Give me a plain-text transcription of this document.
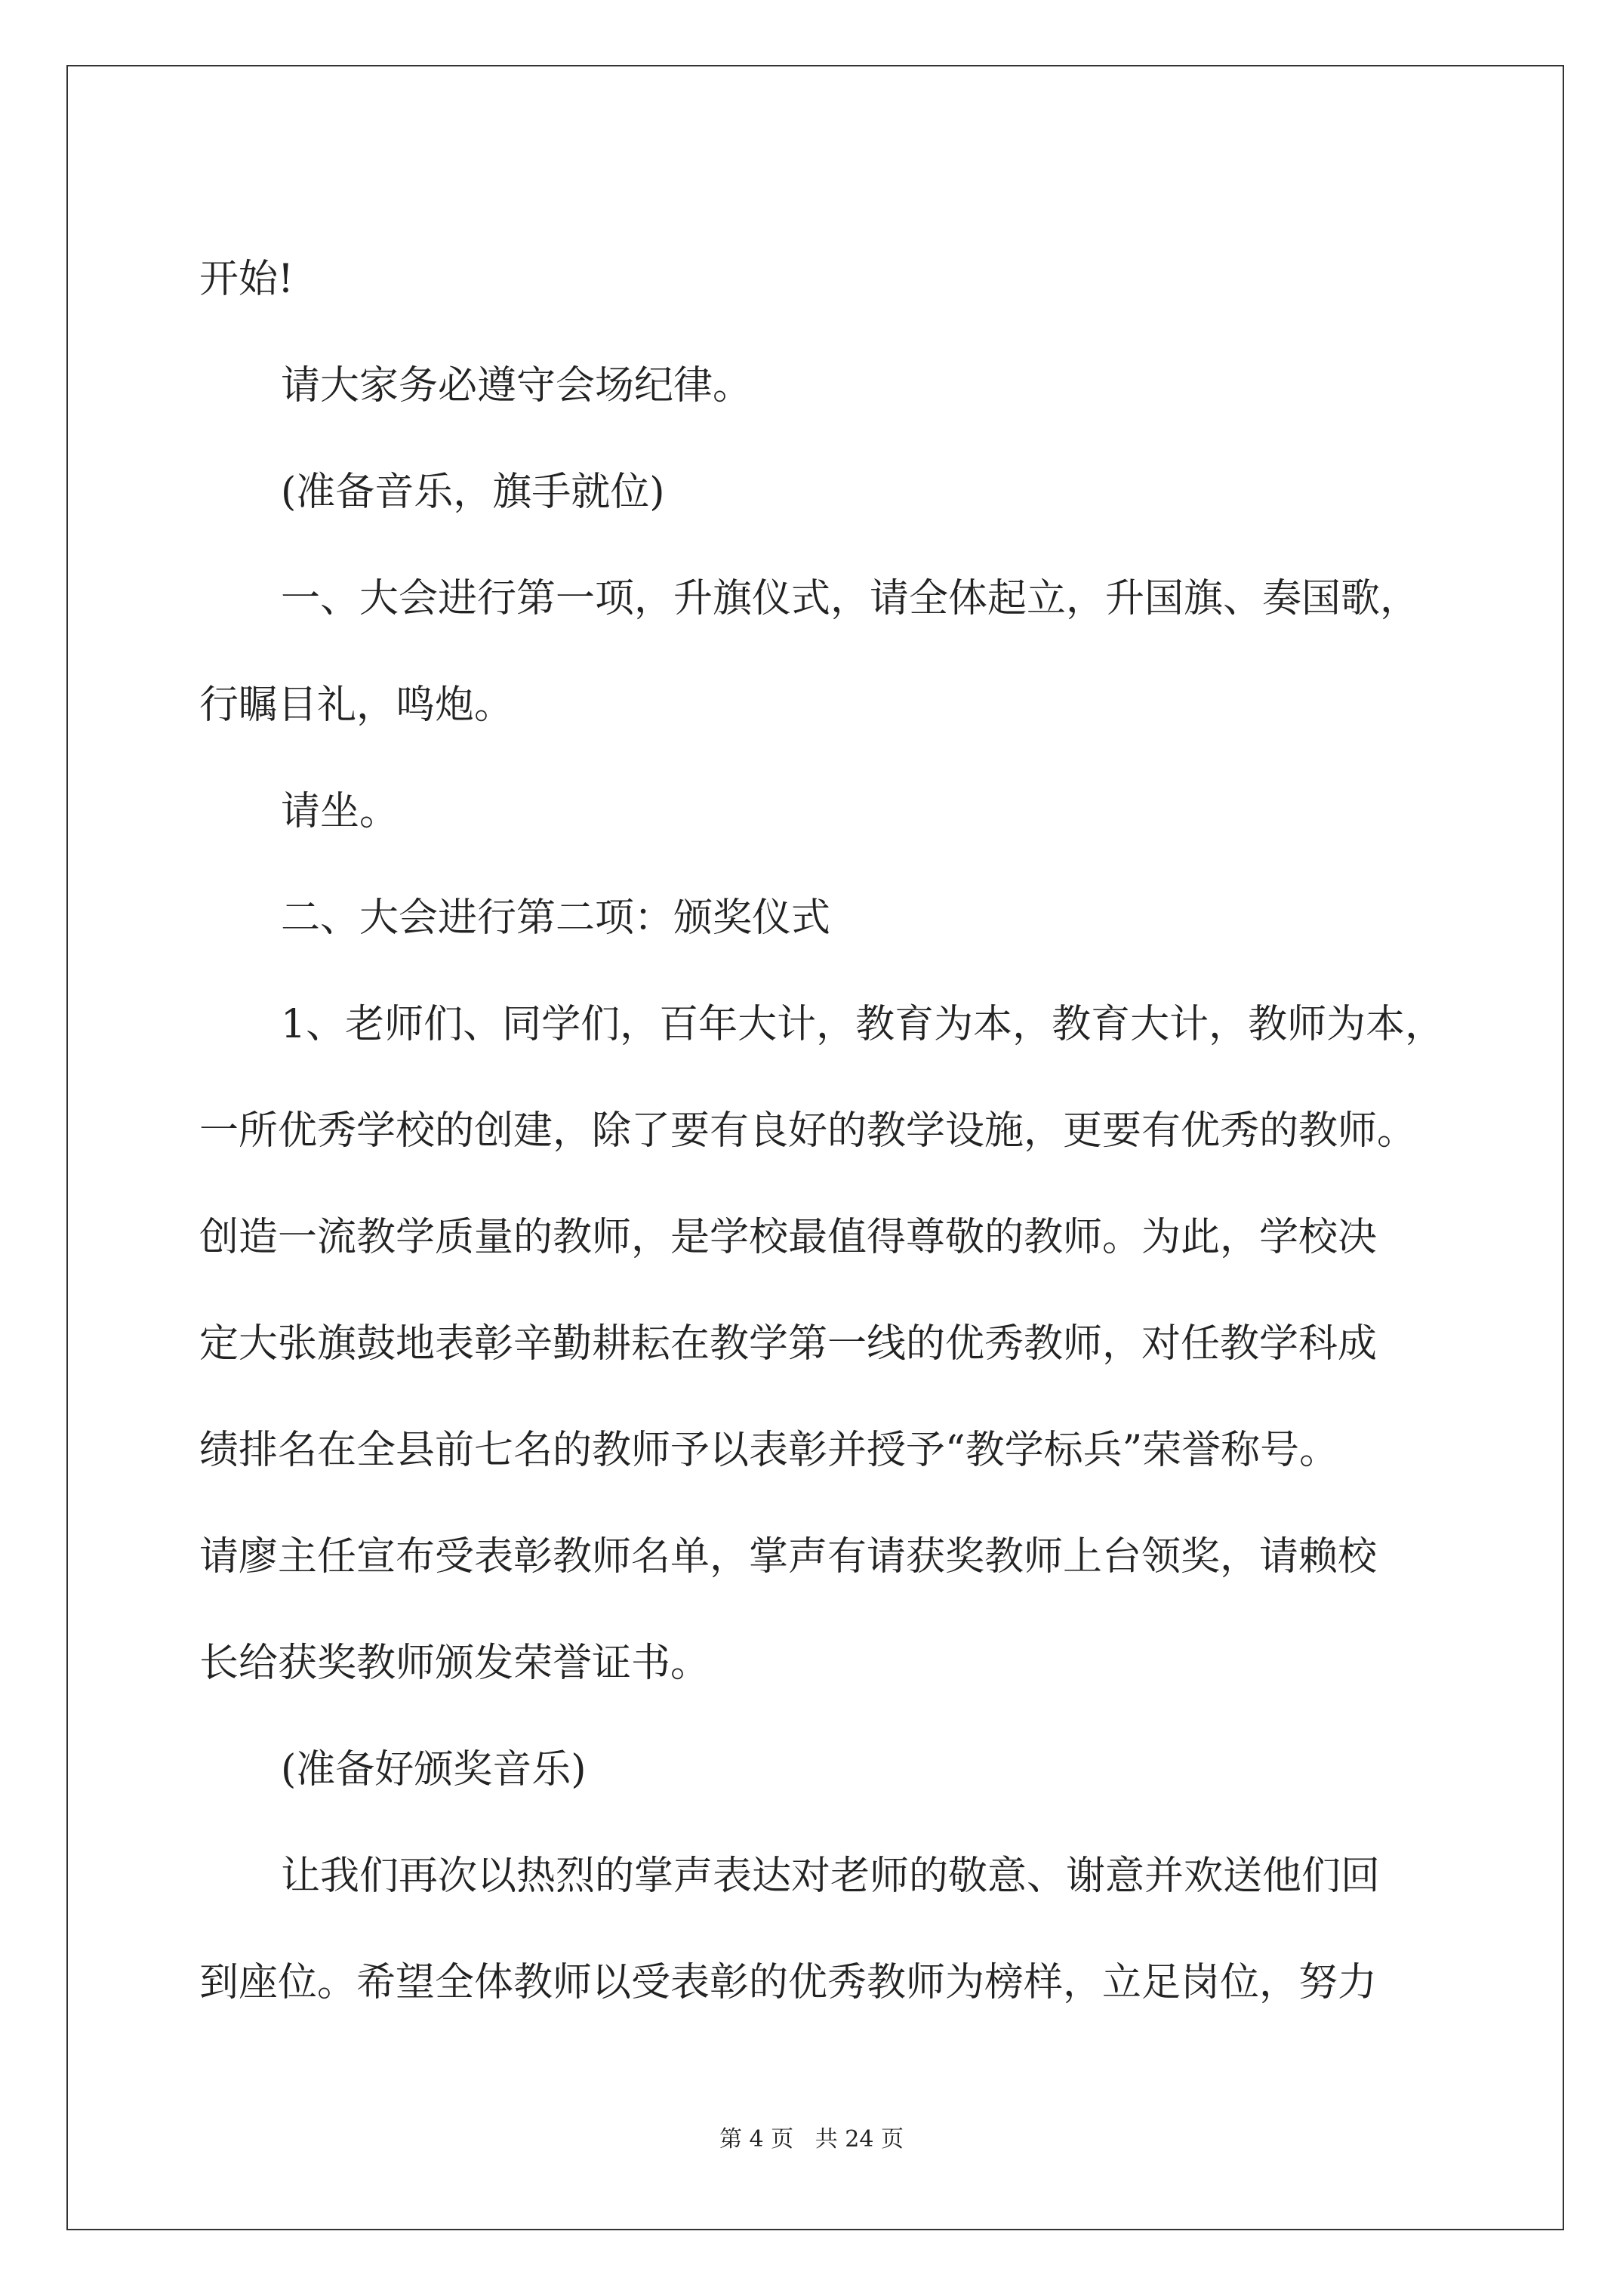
开始!

请大家务必遵守会场纪律。

(准备音乐，旗手就位)

一、大会进行第一项，升旗仪式，请全体起立，升国旗、奏国歌，
行瞩目礼，鸣炮。

请坐。

二、大会进行第二项：颁奖仪式

1、老师们、同学们，百年大计，教育为本，教育大计，教师为本，
一所优秀学校的创建，除了要有良好的教学设施，更要有优秀的教师。
创造一流教学质量的教师，是学校最值得尊敬的教师。为此，学校决
定大张旗鼓地表彰辛勤耕耘在教学第一线的优秀教师，对任教学科成
绩排名在全县前七名的教师予以表彰并授予“教学标兵”荣誉称号。
请廖主任宣布受表彰教师名单，掌声有请获奖教师上台领奖，请赖校
长给获奖教师颁发荣誉证书。

(准备好颁奖音乐)

让我们再次以热烈的掌声表达对老师的敬意、谢意并欢送他们回
到座位。希望全体教师以受表彰的优秀教师为榜样，立足岗位，努力

第 4 页   共 24 页
